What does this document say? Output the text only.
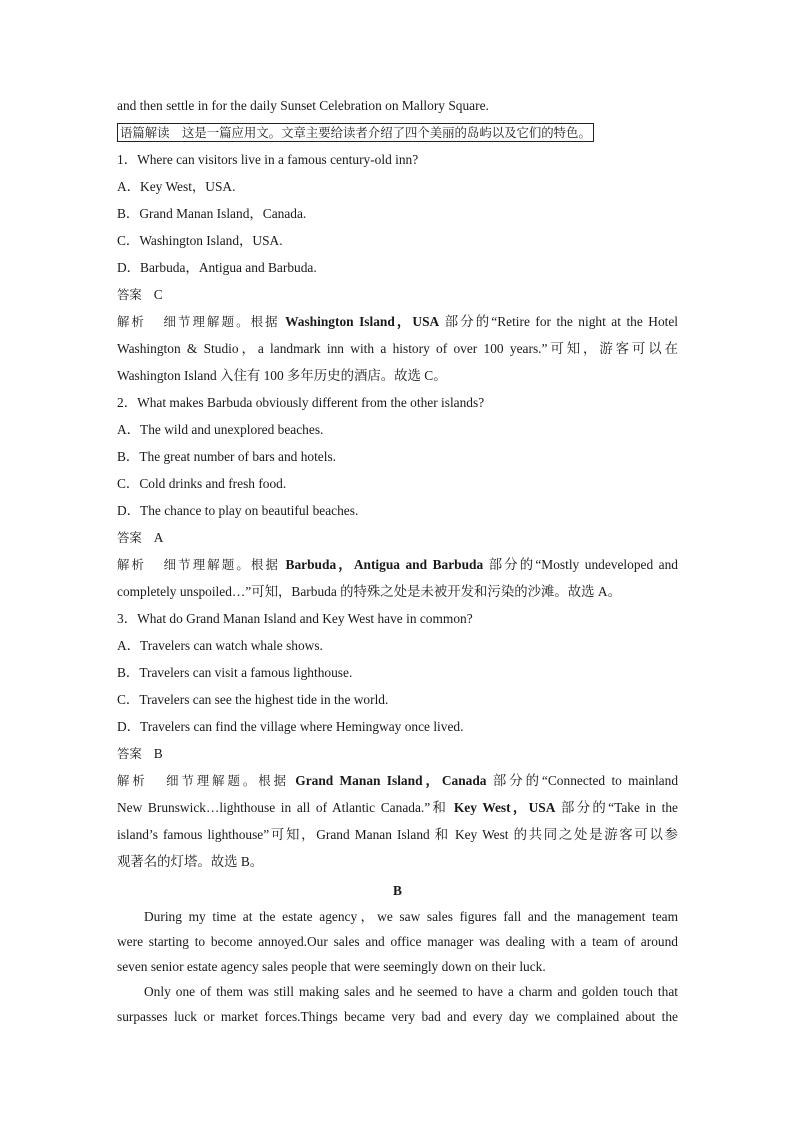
and then settle in for the daily Sunset Celebration on Mallory Square.
语篇解读　这是一篇应用文。文章主要给读者介绍了四个美丽的岛屿以及它们的特色。
1．Where can visitors live in a famous century-old inn?
A．Key West，USA.
B．Grand Manan Island，Canada.
C．Washington Island，USA.
D．Barbuda，Antigua and Barbuda.
答案 C
解析 细节理解题。根据 Washington Island，USA 部分的“Retire for the night at the Hotel
Washington & Studio，a landmark inn with a history of over 100 years.”可知，游客可以在
Washington Island 入住有 100 多年历史的酒店。故选 C。
2．What makes Barbuda obviously different from the other islands?
A．The wild and unexplored beaches.
B．The great number of bars and hotels.
C．Cold drinks and fresh food.
D．The chance to play on beautiful beaches.
答案 A
解析 细节理解题。根据 Barbuda，Antigua and Barbuda 部分的“Mostly undeveloped and
completely unspoiled…”可知，Barbuda 的特殊之处是未被开发和污染的沙滩。故选 A。
3．What do Grand Manan Island and Key West have in common?
A．Travelers can watch whale shows.
B．Travelers can visit a famous lighthouse.
C．Travelers can see the highest tide in the world.
D．Travelers can find the village where Hemingway once lived.
答案 B
解析 细节理解题。根据 Grand Manan Island，Canada 部分的“Connected to mainland
New Brunswick…lighthouse in all of Atlantic Canada.”和 Key West，USA 部分的“Take in the
island’s famous lighthouse”可知，Grand Manan Island 和 Key West 的共同之处是游客可以参
观著名的灯塔。故选 B。
B
During my time at the estate agency，we saw sales figures fall and the management team
were starting to become annoyed.Our sales and office manager was dealing with a team of around
seven senior estate agency sales people that were seemingly down on their luck.
Only one of them was still making sales and he seemed to have a charm and golden touch that
surpasses luck or market forces.Things became very bad and every day we complained about the
